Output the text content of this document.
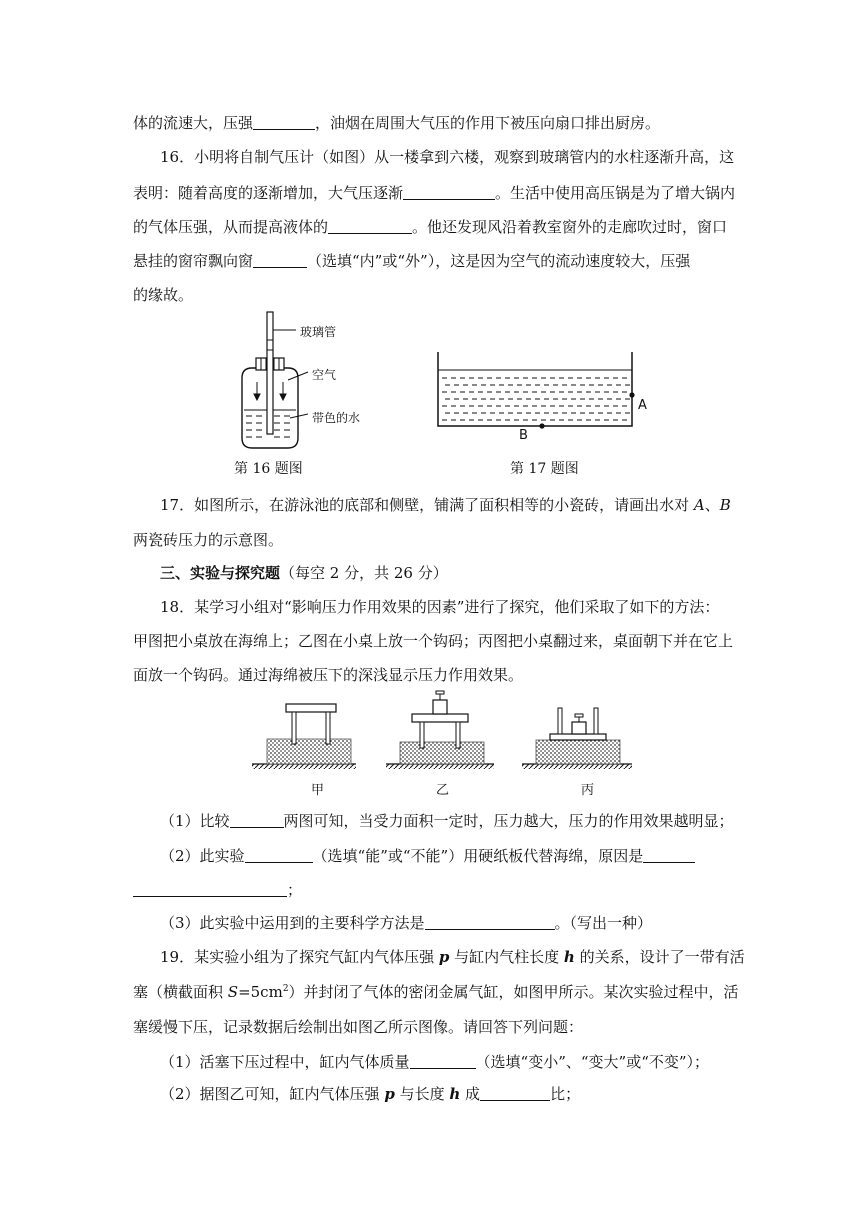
体的流速大，压强	，油烟在周围大气压的作用下被压向扇口排出厨房。
16．小明将自制气压计（如图）从一楼拿到六楼，观察到玻璃管内的水柱逐渐升高，这
表明：随着高度的逐渐增加，大气压逐渐	。生活中使用高压锅是为了增大锅内
的气体压强，从而提高液体的	。他还发现风沿着教室窗外的走廊吹过时，窗口
悬挂的窗帘飘向窗	（选填“内”或“外”），这是因为空气的流动速度较大，压强
的缘故。
玻璃管
空气
带色的水
第 16 题图
A
B
第 17 题图
17．如图所示，在游泳池的底部和侧壁，铺满了面积相等的小瓷砖，请画出水对 A、B
两瓷砖压力的示意图。
三、实验与探究题（每空 2 分，共 26 分）
18．某学习小组对“影响压力作用效果的因素”进行了探究，他们采取了如下的方法：
甲图把小桌放在海绵上；乙图在小桌上放一个钩码；丙图把小桌翻过来，桌面朝下并在它上
面放一个钩码。通过海绵被压下的深浅显示压力作用效果。
甲	乙	丙
（1）比较	两图可知，当受力面积一定时，压力越大，压力的作用效果越明显；
（2）此实验	（选填“能”或“不能”）用硬纸板代替海绵，原因是
；
（3）此实验中运用到的主要科学方法是	。（写出一种）
19．某实验小组为了探究气缸内气体压强 p 与缸内气柱长度 h 的关系，设计了一带有活
塞（横截面积 $S=5cm^2$）并封闭了气体的密闭金属气缸，如图甲所示。某次实验过程中，活
塞缓慢下压，记录数据后绘制出如图乙所示图像。请回答下列问题：
（1）活塞下压过程中，缸内气体质量	（选填“变小”、“变大”或“不变”）；
（2）据图乙可知，缸内气体压强 p 与长度 h 成	比；
